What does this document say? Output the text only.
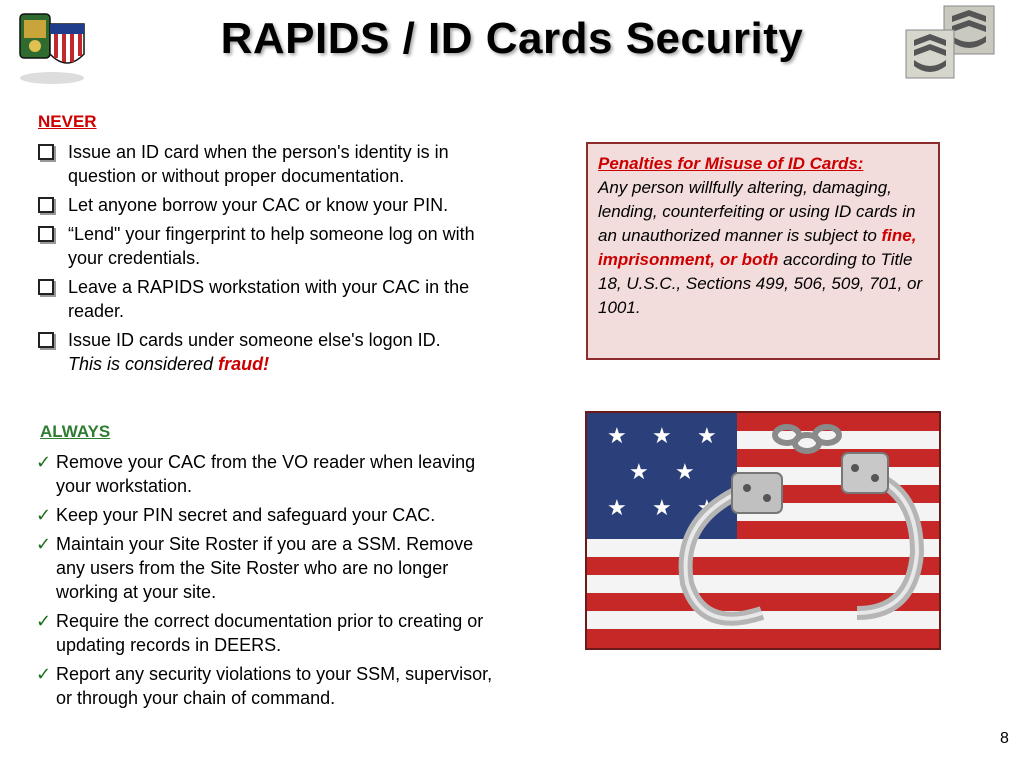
RAPIDS / ID Cards Security
NEVER
Issue an ID card when the person's identity is in question or without proper documentation.
Let anyone borrow your CAC or know your PIN.
“Lend" your fingerprint to help someone log on with your credentials.
Leave a RAPIDS workstation with your CAC in the reader.
Issue ID cards under someone else's logon ID.
This is considered fraud!
ALWAYS
✓ Remove your CAC from the VO reader when leaving your workstation.
✓ Keep your PIN secret and safeguard your CAC.
✓ Maintain your Site Roster if you are a SSM. Remove any users from the Site Roster who are no longer working at your site.
✓ Require the correct documentation prior to creating or updating records in DEERS.
✓ Report any security violations to your SSM, supervisor, or through your chain of command.
Penalties for Misuse of ID Cards:
Any person willfully altering, damaging, lending, counterfeiting or using ID cards in an unauthorized manner is subject to fine, imprisonment, or both according to Title 18, U.S.C., Sections 499, 506, 509, 701, or 1001.
★ ★ ★
★ ★
★ ★ ★
8
